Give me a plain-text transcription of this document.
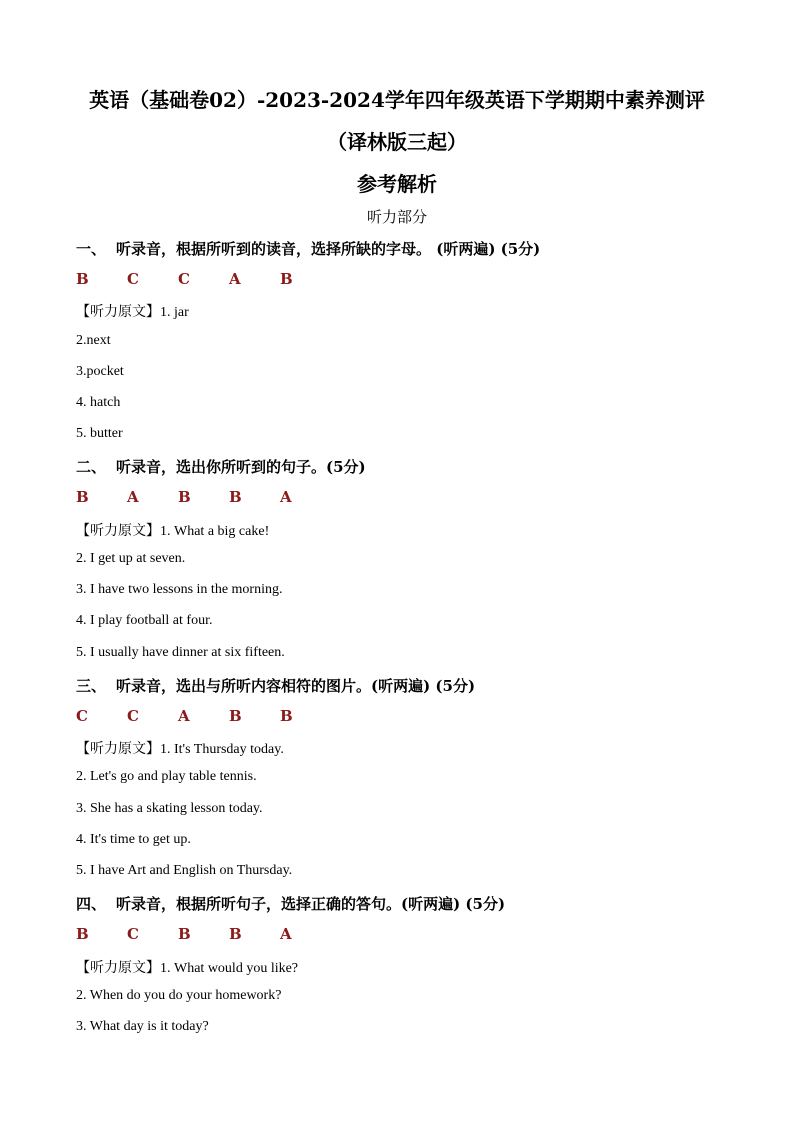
英语（基础卷02）-2023-2024学年四年级英语下学期期中素养测评
（译林版三起）
参考解析
听力部分
一、 听录音，根据所听到的读音，选择所缺的字母。 (听两遍) (5分)
B	C	C	A	B
【听力原文】1. jar
2.next
3.pocket
4. hatch
5. butter
二、 听录音，选出你所听到的句子。(5分)
B	A	B	B	A
【听力原文】1. What a big cake!
2. I get up at seven.
3. I have two lessons in the morning.
4. I play football at four.
5. I usually have dinner at six fifteen.
三、 听录音，选出与所听内容相符的图片。(听两遍) (5分)
C	C	A	B	B
【听力原文】1. It's Thursday today.
2. Let's go and play table tennis.
3. She has a skating lesson today.
4. It's time to get up.
5. I have Art and English on Thursday.
四、 听录音，根据所听句子，选择正确的答句。(听两遍) (5分)
B	C	B	B	A
【听力原文】1. What would you like?
2. When do you do your homework?
3. What day is it today?
